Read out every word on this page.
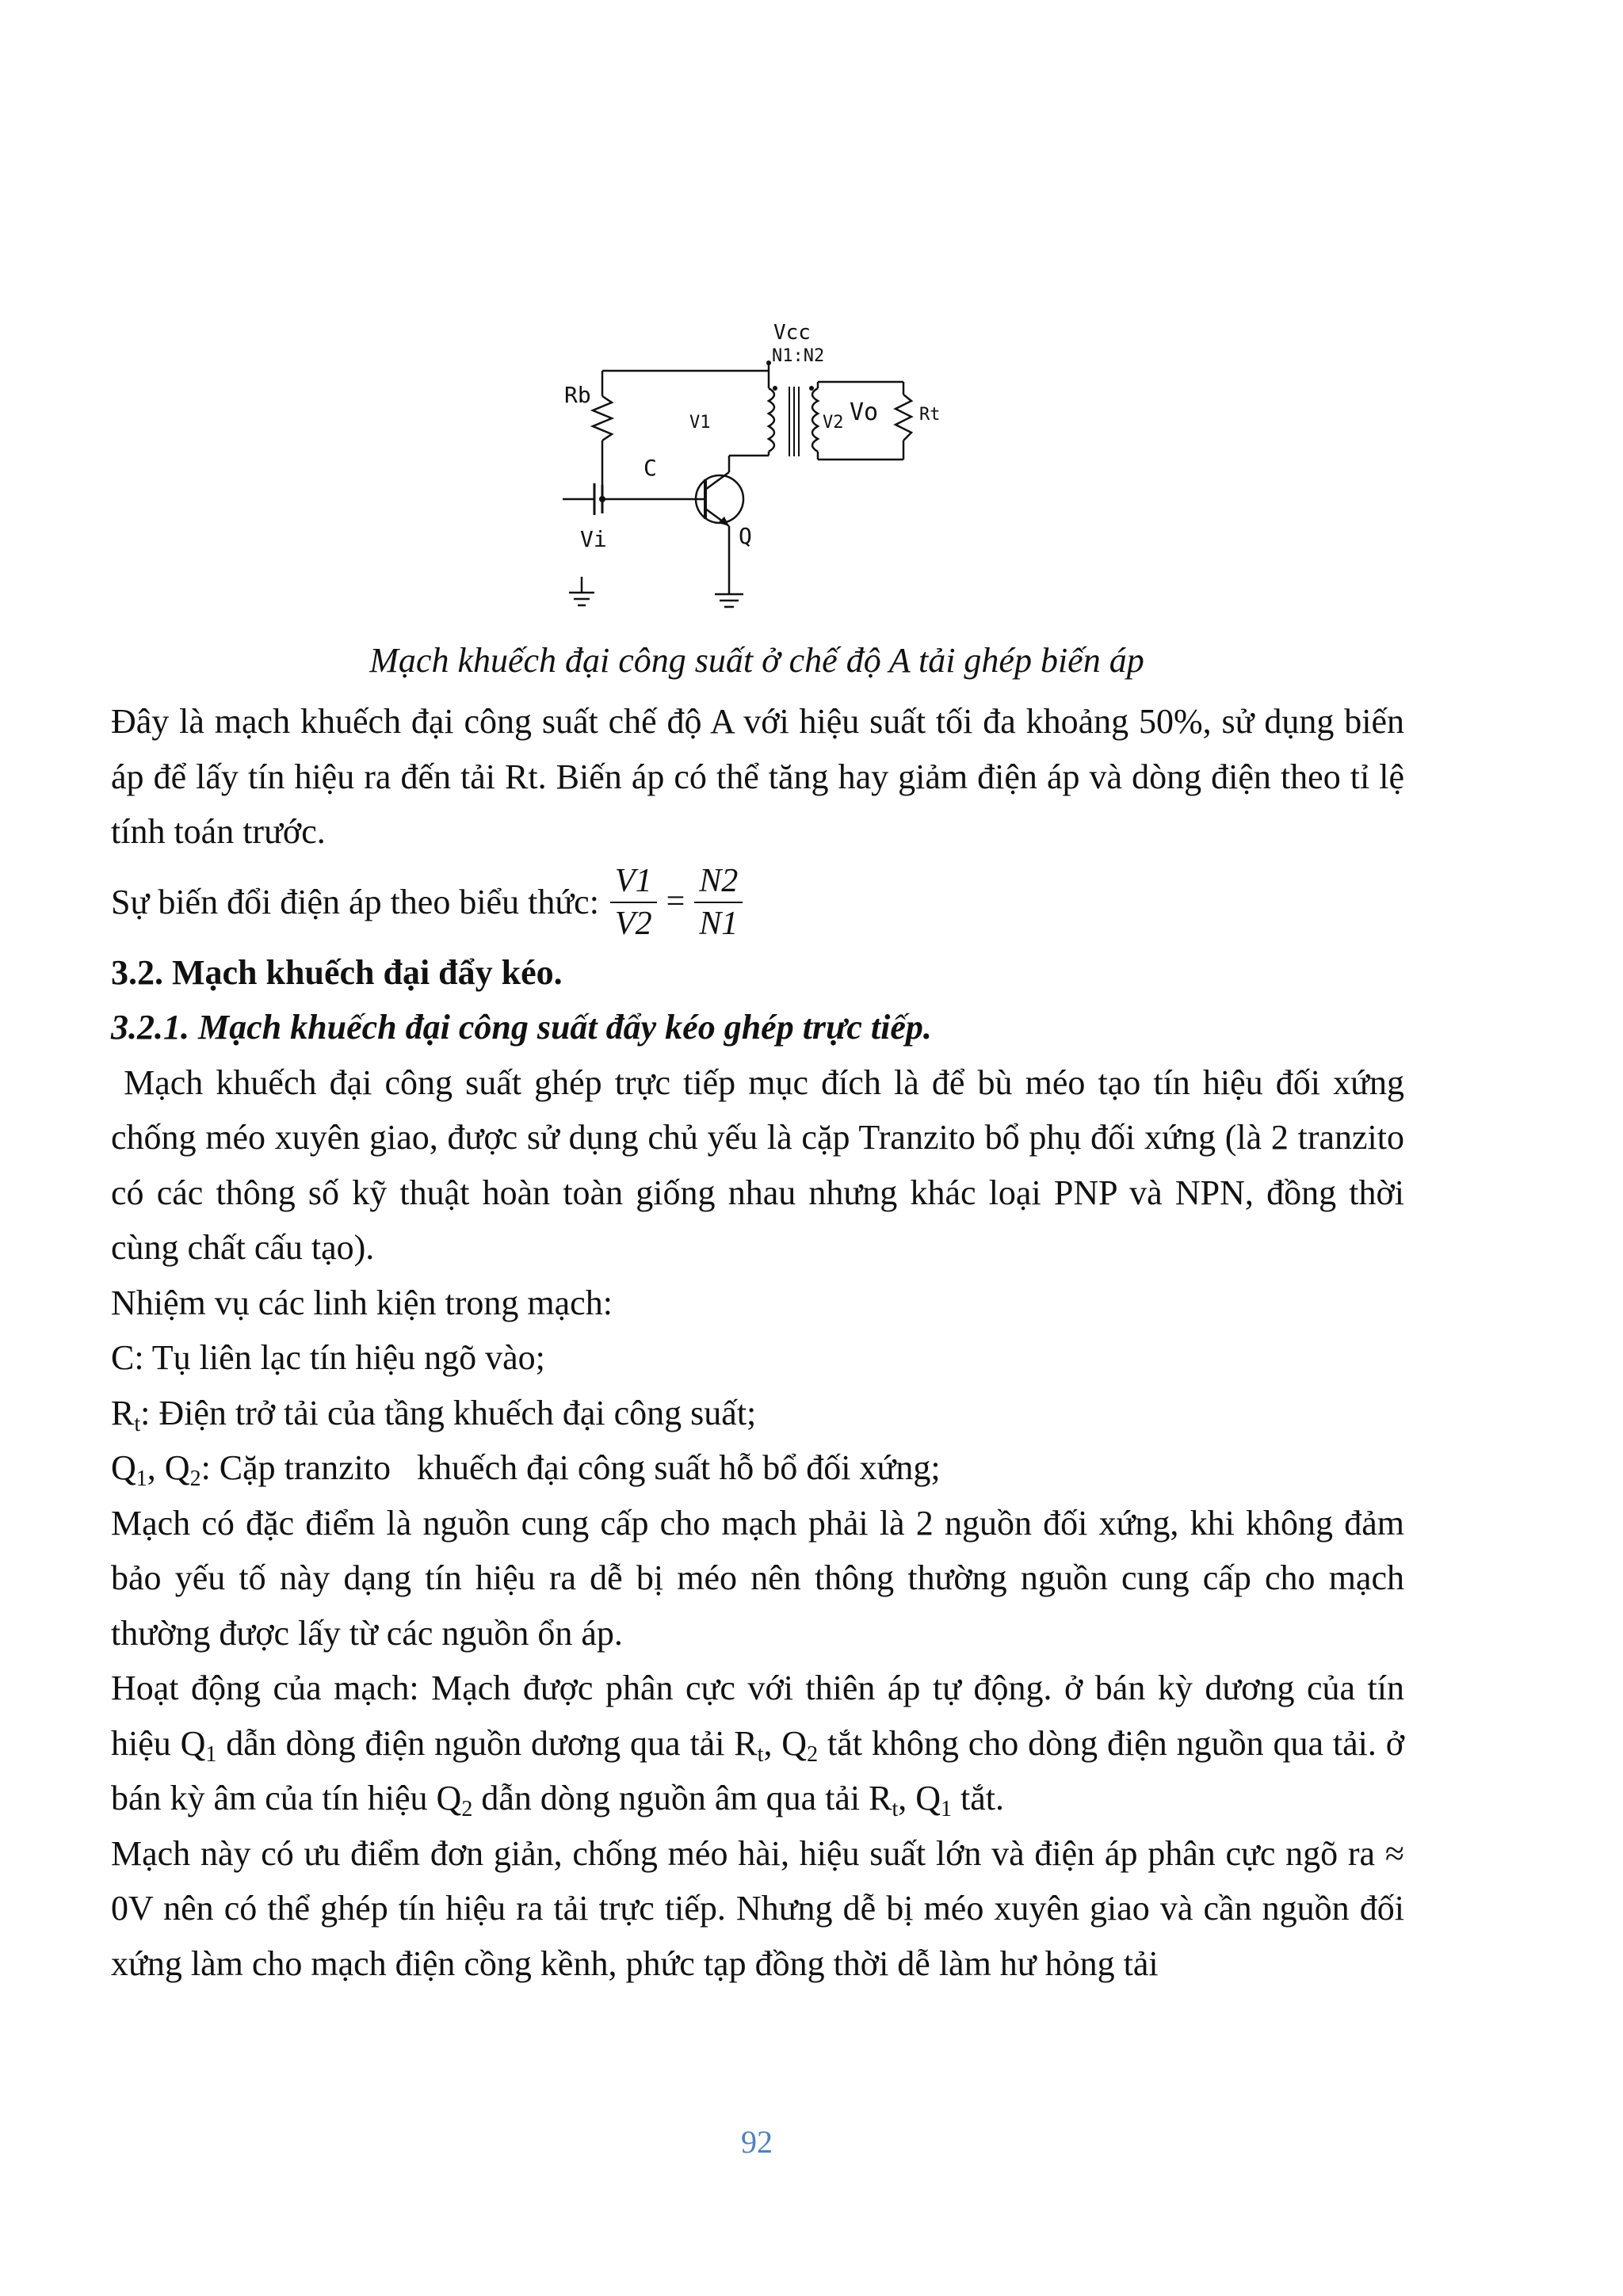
Vcc
N1:N2
Rb
V1	V2 Vo Rt
C
Vi	Q
Mạch khuếch đại công suất ở chế độ A tải ghép biến áp

Đây là mạch khuếch đại công suất chế độ A với hiệu suất tối đa khoảng 50%, sử dụng biến áp để lấy tín hiệu ra đến tải Rt. Biến áp có thể tăng hay giảm điện áp và dòng điện theo tỉ lệ tính toán trước.

Sự biến đổi điện áp theo biểu thức: $\frac{V1}{V2} = \frac{N2}{N1}$

3.2. Mạch khuếch đại đẩy kéo.

3.2.1. Mạch khuếch đại công suất đẩy kéo ghép trực tiếp.

Mạch khuếch đại công suất ghép trực tiếp mục đích là để bù méo tạo tín hiệu đối xứng chống méo xuyên giao, được sử dụng chủ yếu là cặp Tranzito bổ phụ đối xứng (là 2 tranzito có các thông số kỹ thuật hoàn toàn giống nhau nhưng khác loại PNP và NPN, đồng thời cùng chất cấu tạo).

Nhiệm vụ các linh kiện trong mạch:

C: Tụ liên lạc tín hiệu ngõ vào;

$R_t$: Điện trở tải của tầng khuếch đại công suất;

$Q_1$, $Q_2$: Cặp tranzito   khuếch đại công suất hỗ bổ đối xứng;

Mạch có đặc điểm là nguồn cung cấp cho mạch phải là 2 nguồn đối xứng, khi không đảm bảo yếu tố này dạng tín hiệu ra dễ bị méo nên thông thường nguồn cung cấp cho mạch thường được lấy từ các nguồn ổn áp.

Hoạt động của mạch: Mạch được phân cực với thiên áp tự động. ở bán kỳ dương của tín hiệu $Q_1$ dẫn dòng điện nguồn dương qua tải $R_t$, $Q_2$ tắt không cho dòng điện nguồn qua tải. ở bán kỳ âm của tín hiệu $Q_2$ dẫn dòng nguồn âm qua tải $R_t$, $Q_1$ tắt.

Mạch này có ưu điểm đơn giản, chống méo hài, hiệu suất lớn và điện áp phân cực ngõ ra ≈ 0V nên có thể ghép tín hiệu ra tải trực tiếp. Nhưng dễ bị méo xuyên giao và cần nguồn đối xứng làm cho mạch điện cồng kềnh, phức tạp đồng thời dễ làm hư hỏng tải

92
